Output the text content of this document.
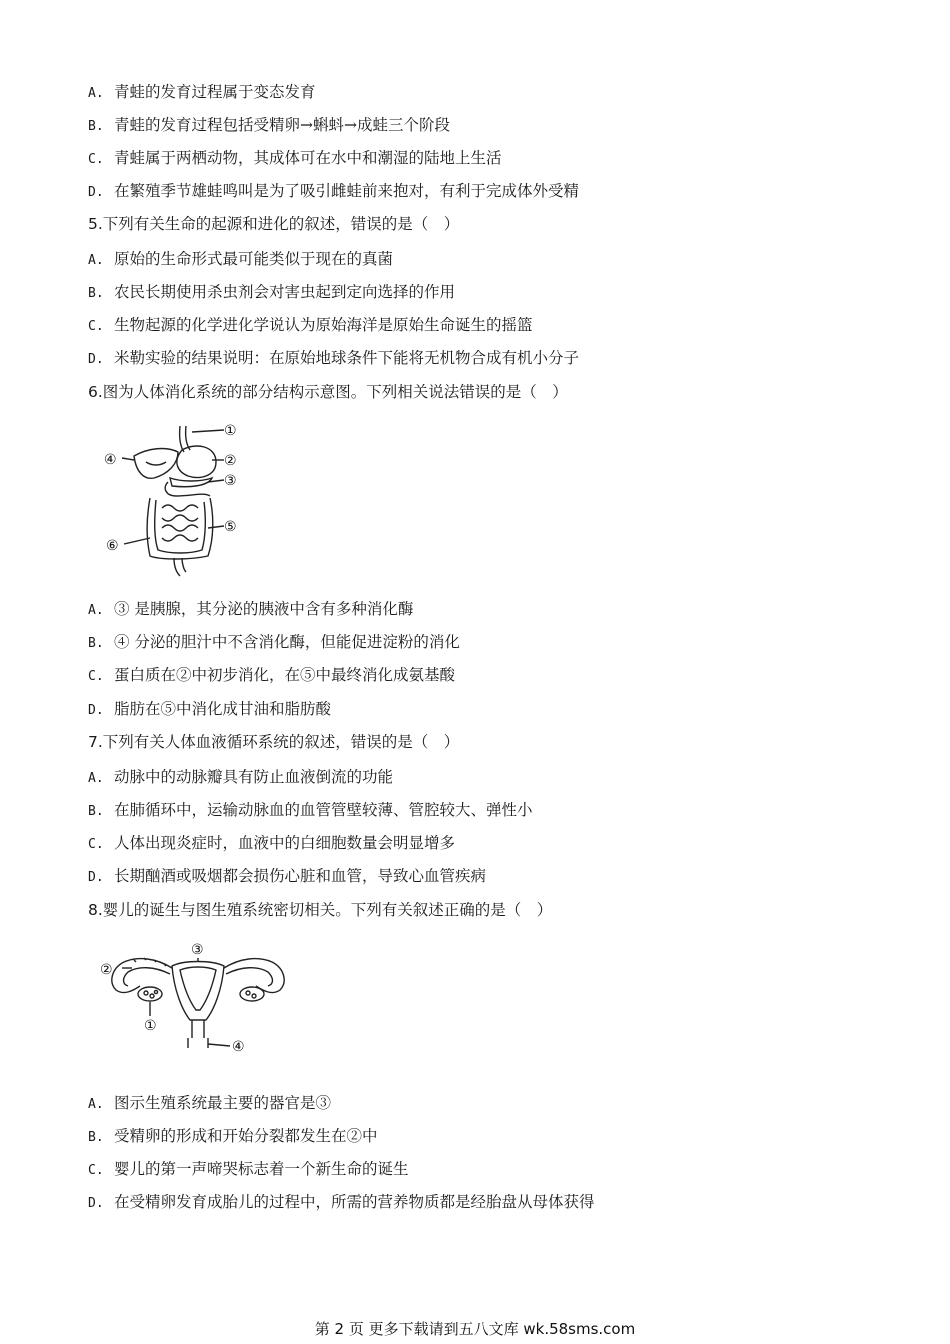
A. 青蛙的发育过程属于变态发育
B. 青蛙的发育过程包括受精卵→蝌蚪→成蛙三个阶段
C. 青蛙属于两栖动物，其成体可在水中和潮湿的陆地上生活
D. 在繁殖季节雄蛙鸣叫是为了吸引雌蛙前来抱对，有利于完成体外受精
5.下列有关生命的起源和进化的叙述，错误的是（　）
A. 原始的生命形式最可能类似于现在的真菌
B. 农民长期使用杀虫剂会对害虫起到定向选择的作用
C. 生物起源的化学进化学说认为原始海洋是原始生命诞生的摇篮
D. 米勒实验的结果说明：在原始地球条件下能将无机物合成有机小分子
6.图为人体消化系统的部分结构示意图。下列相关说法错误的是（　）
①
②
③
④
⑤
⑥
A. ③ 是胰腺，其分泌的胰液中含有多种消化酶
B. ④ 分泌的胆汁中不含消化酶，但能促进淀粉的消化
C. 蛋白质在②中初步消化，在⑤中最终消化成氨基酸
D. 脂肪在⑤中消化成甘油和脂肪酸
7.下列有关人体血液循环系统的叙述，错误的是（　）
A. 动脉中的动脉瓣具有防止血液倒流的功能
B. 在肺循环中，运输动脉血的血管管壁较薄、管腔较大、弹性小
C. 人体出现炎症时，血液中的白细胞数量会明显增多
D. 长期酗酒或吸烟都会损伤心脏和血管，导致心血管疾病
8.婴儿的诞生与图生殖系统密切相关。下列有关叙述正确的是（　）
③
②
①
④
A. 图示生殖系统最主要的器官是③
B. 受精卵的形成和开始分裂都发生在②中
C. 婴儿的第一声啼哭标志着一个新生命的诞生
D. 在受精卵发育成胎儿的过程中，所需的营养物质都是经胎盘从母体获得
第 2 页 更多下载请到五八文库 wk.58sms.com
